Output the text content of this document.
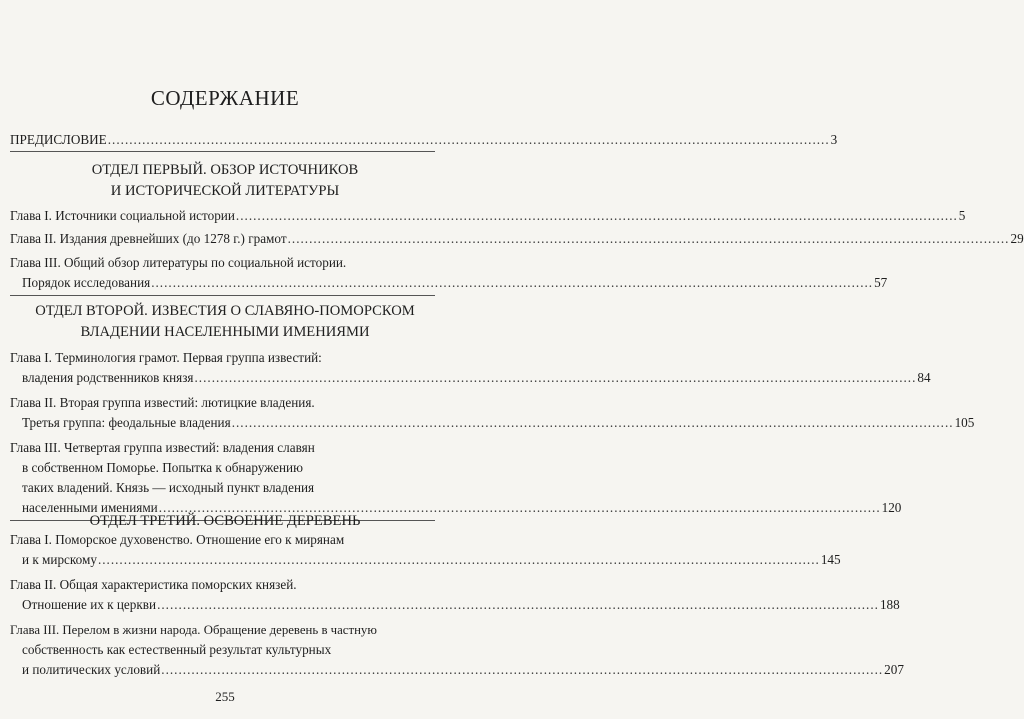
СОДЕРЖАНИЕ
ПРЕДИСЛОВИЕ ........................................................................................................................................................................ 3
ОТДЕЛ ПЕРВЫЙ. ОБЗОР ИСТОЧНИКОВ
И ИСТОРИЧЕСКОЙ ЛИТЕРАТУРЫ
Глава I. Источники социальной истории ........................................................................................................................................................................ 5
Глава II. Издания древнейших (до 1278 г.) грамот ........................................................................................................................................................................ 29
Глава III. Общий обзор литературы по социальной истории.
Порядок исследования ........................................................................................................................................................................ 57
ОТДЕЛ ВТОРОЙ. ИЗВЕСТИЯ О СЛАВЯНО-ПОМОРСКОМ
ВЛАДЕНИИ НАСЕЛЕННЫМИ ИМЕНИЯМИ
Глава I. Терминология грамот. Первая группа известий:
владения родственников князя ........................................................................................................................................................................ 84
Глава II. Вторая группа известий: лютицкие владения.
Третья группа: феодальные владения ........................................................................................................................................................................ 105
Глава III. Четвертая группа известий: владения славян
в собственном Поморье. Попытка к обнаружению
таких владений. Князь — исходный пункт владения
населенными имениями ........................................................................................................................................................................ 120
ОТДЕЛ ТРЕТИЙ. ОСВОЕНИЕ ДЕРЕВЕНЬ
Глава I. Поморское духовенство. Отношение его к мирянам
и к мирскому ........................................................................................................................................................................ 145
Глава II. Общая характеристика поморских князей.
Отношение их к церкви ........................................................................................................................................................................ 188
Глава III. Перелом в жизни народа. Обращение деревень в частную
собственность как естественный результат культурных
и политических условий ........................................................................................................................................................................ 207
255
